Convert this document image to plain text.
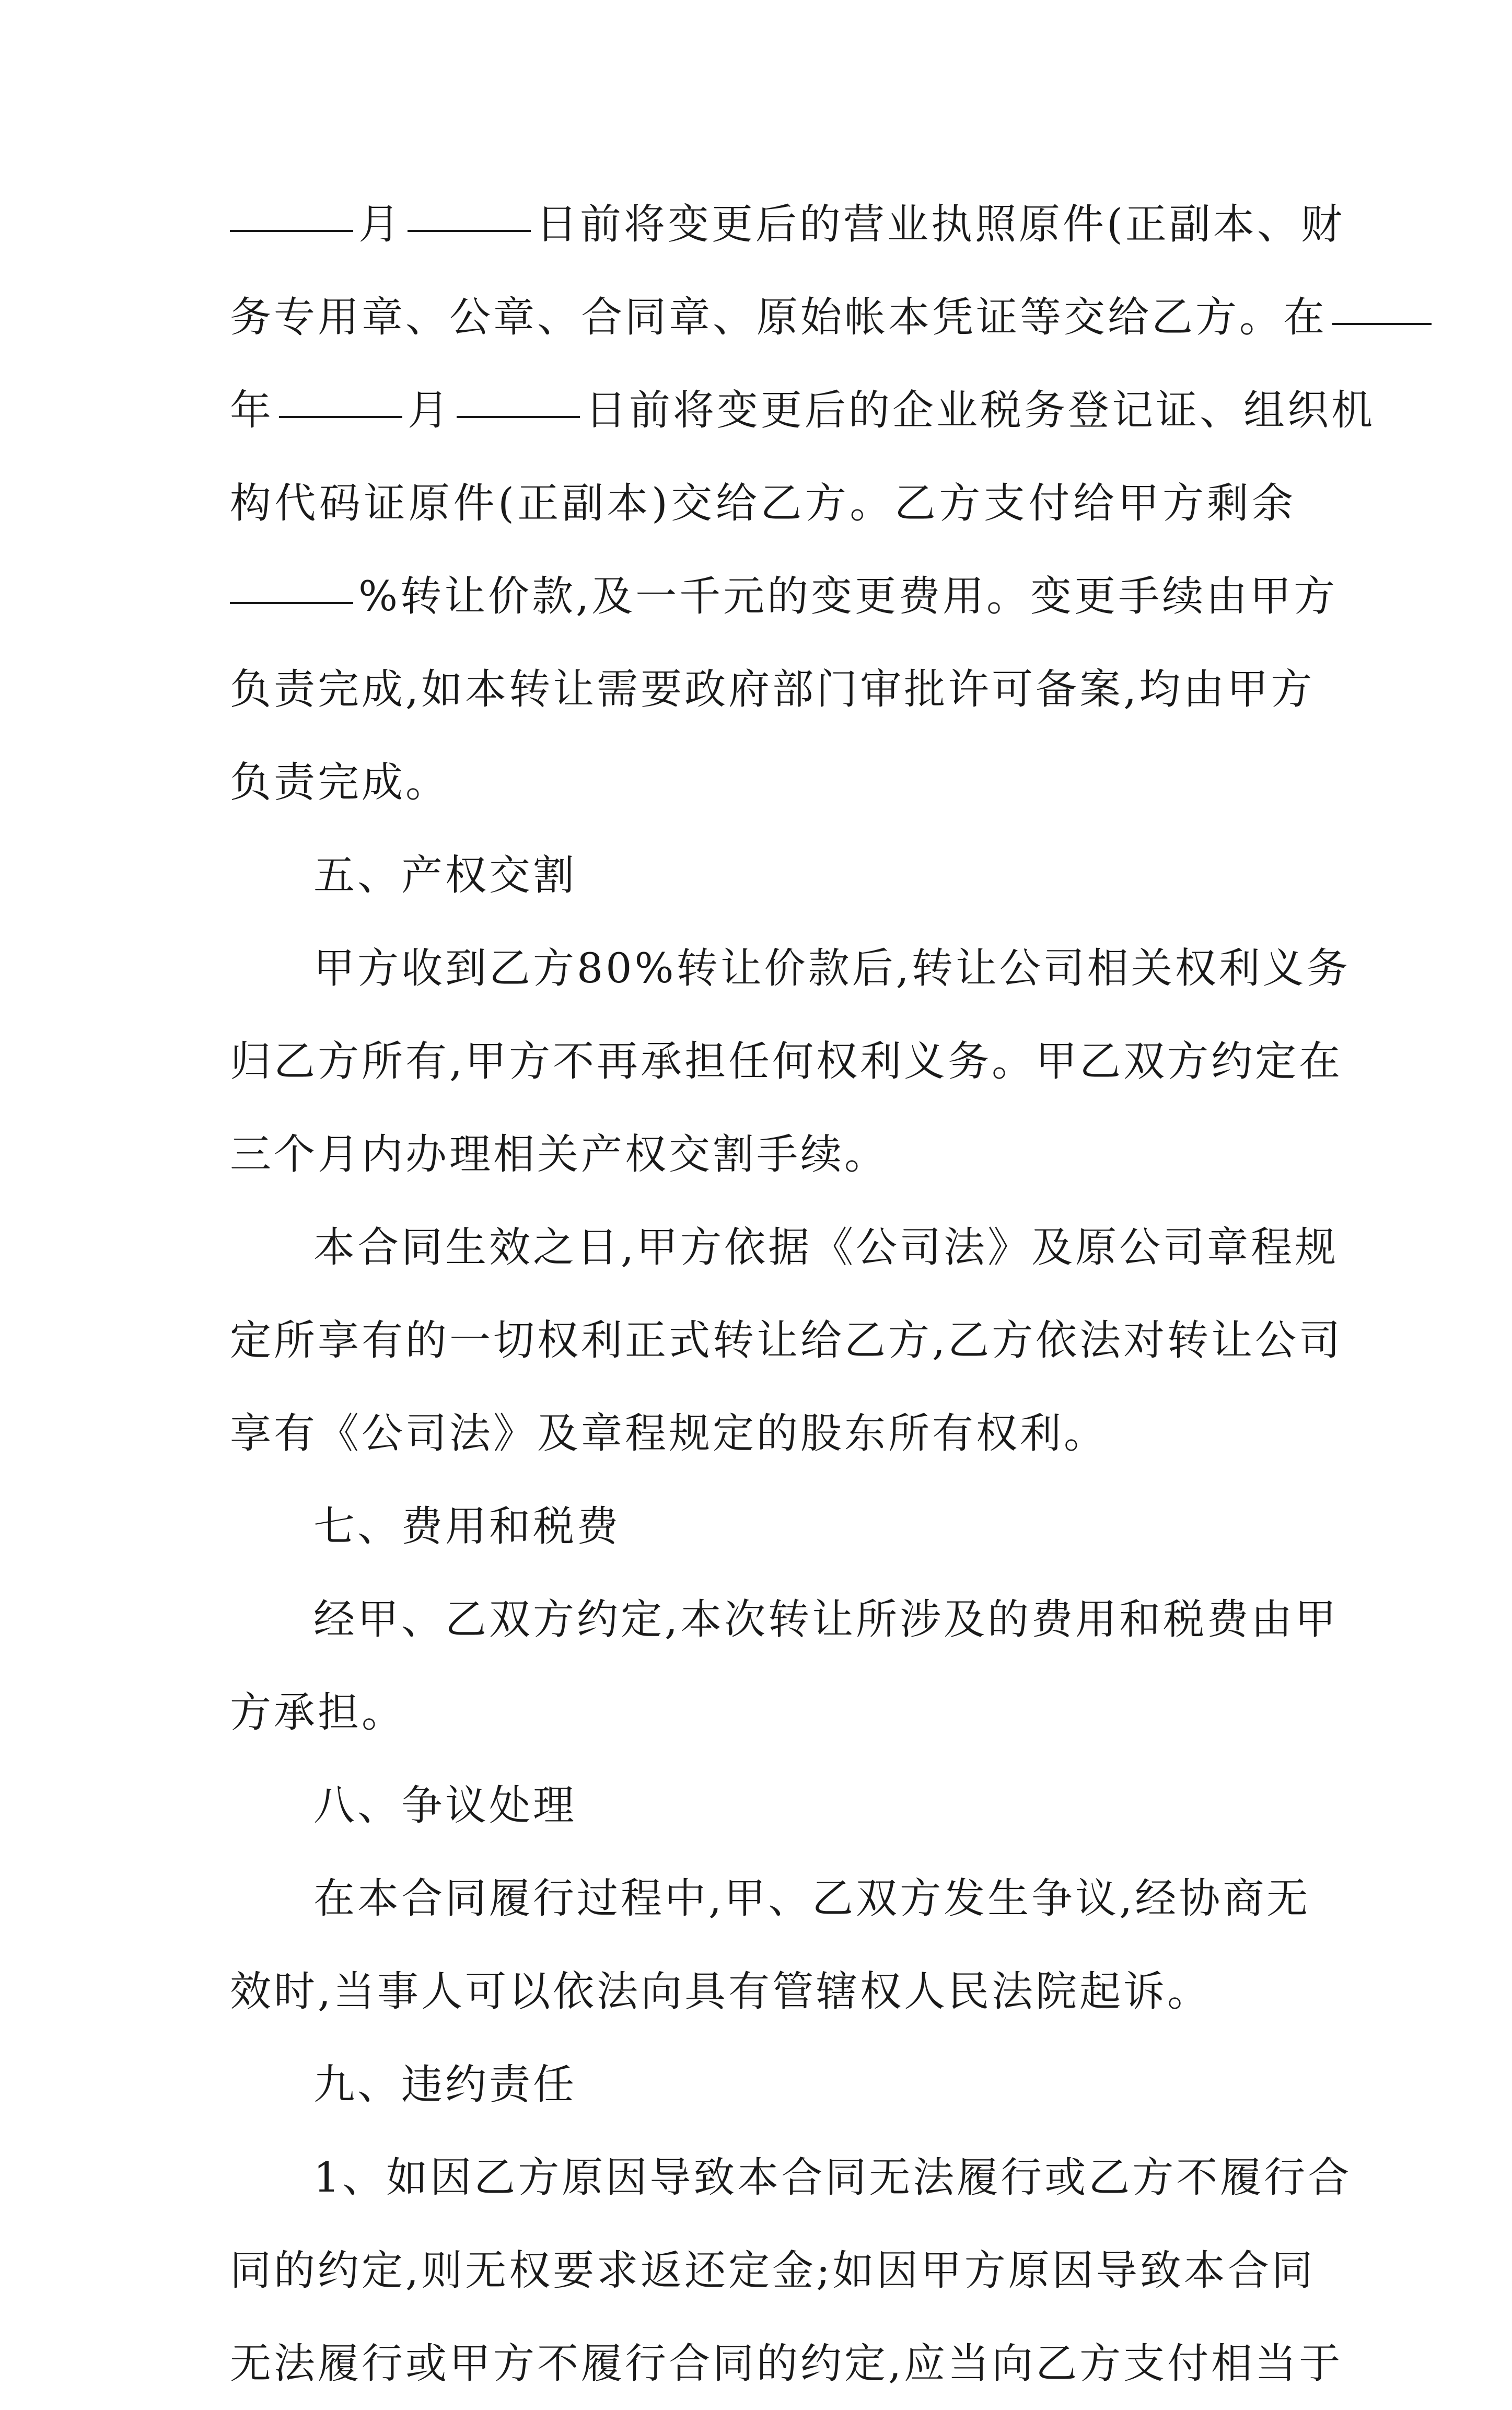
月	日前将变更后的营业执照原件(正副本、财
务专用章、公章、合同章、原始帐本凭证等交给乙方。在
年	月	日前将变更后的企业税务登记证、组织机
构代码证原件(正副本)交给乙方。乙方支付给甲方剩余
%转让价款,及一千元的变更费用。变更手续由甲方
负责完成,如本转让需要政府部门审批许可备案,均由甲方
负责完成。
五、产权交割
甲方收到乙方80%转让价款后,转让公司相关权利义务
归乙方所有,甲方不再承担任何权利义务。甲乙双方约定在
三个月内办理相关产权交割手续。
本合同生效之日,甲方依据《公司法》及原公司章程规
定所享有的一切权利正式转让给乙方,乙方依法对转让公司
享有《公司法》及章程规定的股东所有权利。
七、费用和税费
经甲、乙双方约定,本次转让所涉及的费用和税费由甲
方承担。
八、争议处理
在本合同履行过程中,甲、乙双方发生争议,经协商无
效时,当事人可以依法向具有管辖权人民法院起诉。
九、违约责任
1、如因乙方原因导致本合同无法履行或乙方不履行合
同的约定,则无权要求返还定金;如因甲方原因导致本合同
无法履行或甲方不履行合同的约定,应当向乙方支付相当于
